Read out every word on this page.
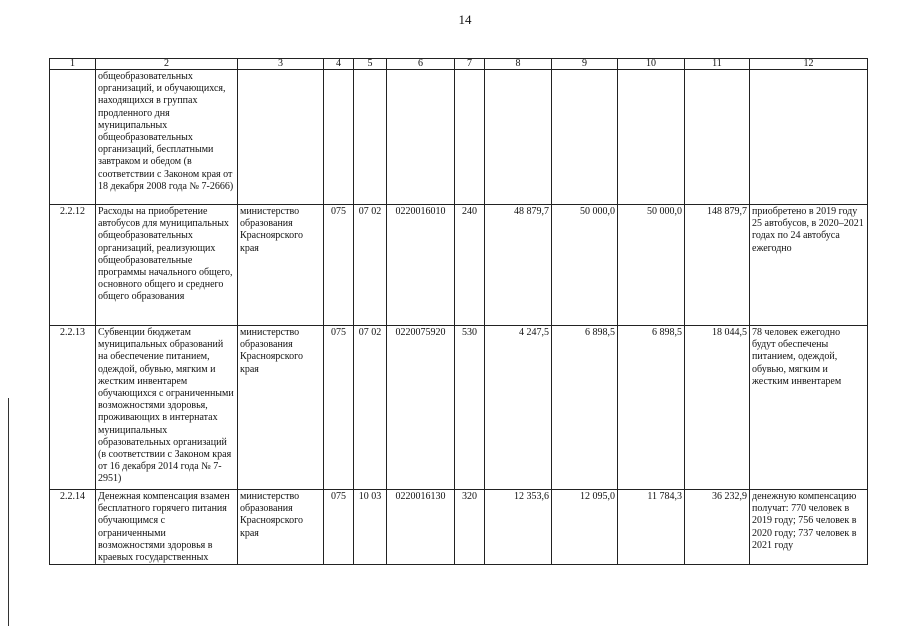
14
1	2	3	4	5	6	7	8	9	10	11	12
	общеобразовательных организаций, и обучающихся, находящихся в группах продленного дня муниципальных общеобразовательных организаций, бесплатными завтраком и обедом (в соответствии с Законом края от 18 декабря 2008 года № 7-2666)										
2.2.12	Расходы на приобретение автобусов для муниципальных общеобразовательных организаций, реализующих общеобразовательные программы начального общего, основного общего и среднего общего образования	министерство образования Красноярского края	075	07 02	0220016010	240	48 879,7	50 000,0	50 000,0	148 879,7	приобретено в 2019 году 25 автобусов, в 2020–2021 годах по 24 автобуса ежегодно
2.2.13	Субвенции бюджетам муниципальных образований на обеспечение питанием, одеждой, обувью, мягким и жестким инвентарем обучающихся с ограниченными возможностями здоровья, проживающих в интернатах муниципальных образовательных организаций (в соответствии с Законом края от 16 декабря 2014 года № 7-2951)	министерство образования Красноярского края	075	07 02	0220075920	530	4 247,5	6 898,5	6 898,5	18 044,5	78 человек ежегодно будут обеспечены питанием, одеждой, обувью, мягким и жестким инвентарем
2.2.14	Денежная компенсация взамен бесплатного горячего питания обучающимся с ограниченными возможностями здоровья в краевых государственных	министерство образования Красноярского края	075	10 03	0220016130	320	12 353,6	12 095,0	11 784,3	36 232,9	денежную компенсацию получат: 770 человек в 2019 году; 756 человек в 2020 году; 737 человек в 2021 году
